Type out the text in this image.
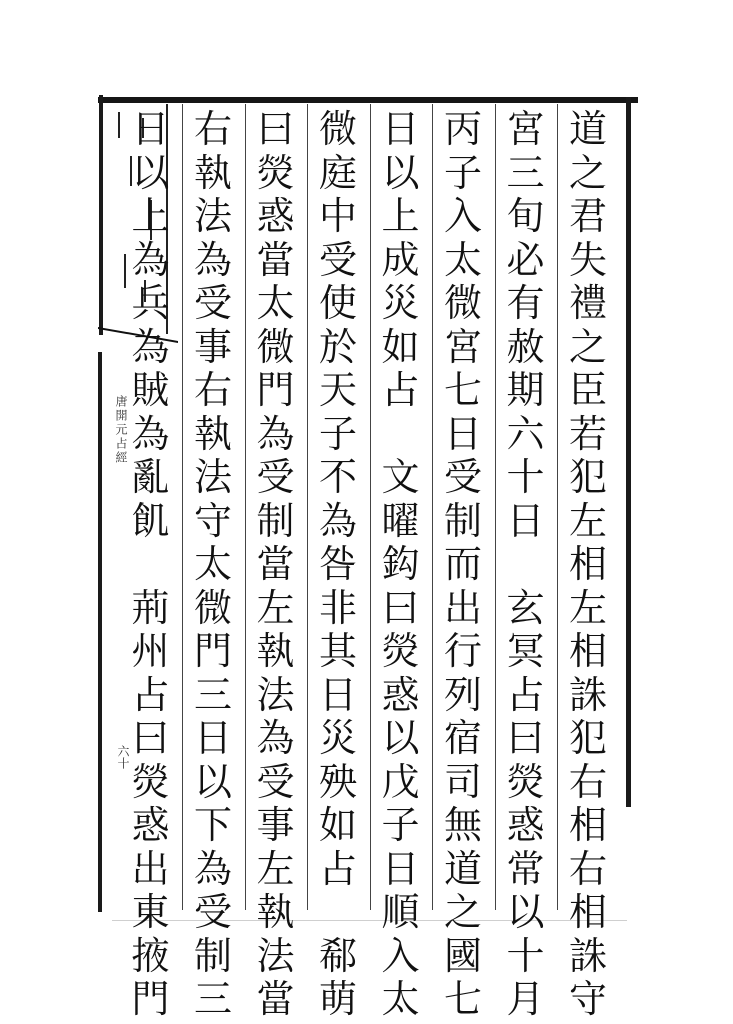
唐開元占經
六十
道
之
君
失
禮
之
臣
若
犯
左
相
左
相
誅
犯
右
相
右
相
誅
守
宮
三
旬
必
有
赦
期
六
十
日

玄
冥
占
曰
熒
惑
常
以
十
月
丙
子
入
太
微
宮
七
日
受
制
而
出
行
列
宿
司
無
道
之
國
七
日
以
上
成
災
如
占

文
曜
鈎
曰
熒
惑
以
戊
子
日
順
入
太
微
庭
中
受
使
於
天
子
不
為
咎
非
其
日
災
殃
如
占

郗
萌
曰
熒
惑
當
太
微
門
為
受
制
當
左
執
法
為
受
事
左
執
法
當
右
執
法
為
受
事
右
執
法
守
太
微
門
三
日
以
下
為
受
制
三
日
以
上
為
兵
為
賊
為
亂
飢

荊
州
占
曰
熒
惑
出
東
掖
門
